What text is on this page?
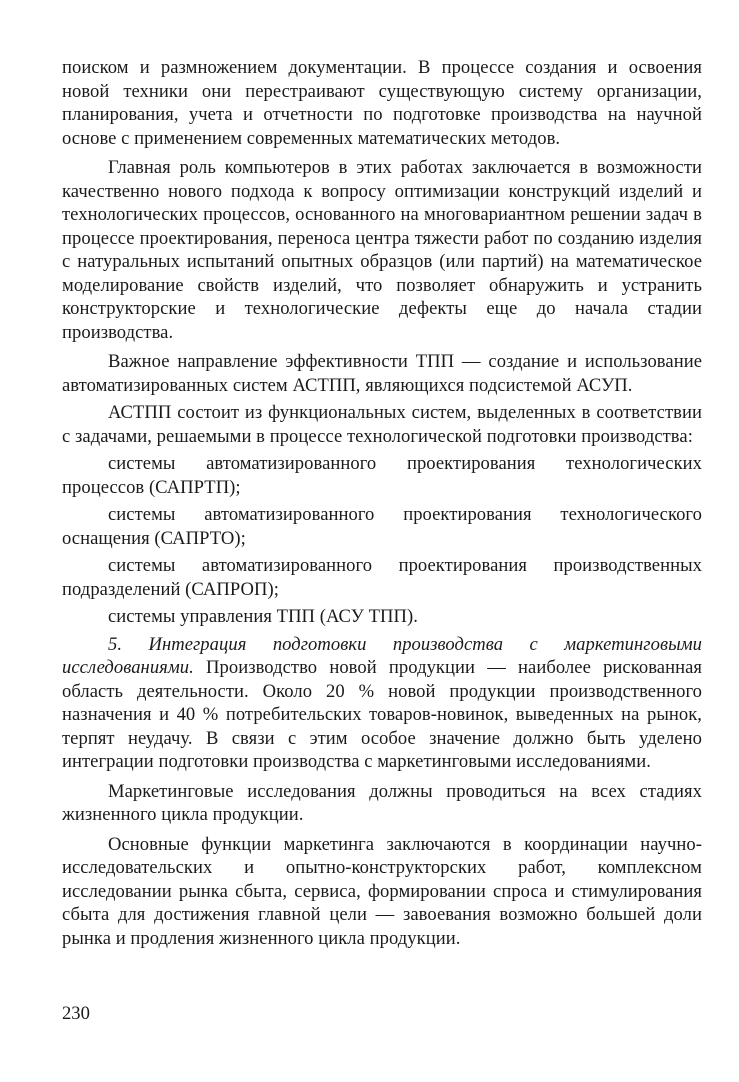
поиском и размножением документации. В процессе создания и освоения новой техники они перестраивают существующую систему организации, планирования, учета и отчетности по подготовке производства на научной основе с применением современных математических методов.

Главная роль компьютеров в этих работах заключается в возможности качественно нового подхода к вопросу оптимизации конструкций изделий и технологических процессов, основанного на многовариантном решении задач в процессе проектирования, переноса центра тяжести работ по созданию изделия с натуральных испытаний опытных образцов (или партий) на математическое моделирование свойств изделий, что позволяет обнаружить и устранить конструкторские и технологические дефекты еще до начала стадии производства.

Важное направление эффективности ТПП — создание и использование автоматизированных систем АСТПП, являющихся подсистемой АСУП.

АСТПП состоит из функциональных систем, выделенных в соответствии с задачами, решаемыми в процессе технологической подготовки производства:

системы автоматизированного проектирования технологических процессов (САПРТП);

системы автоматизированного проектирования технологического оснащения (САПРТО);

системы автоматизированного проектирования производственных подразделений (САПРОП);

системы управления ТПП (АСУ ТПП).

5. Интеграция подготовки производства с маркетинговыми исследованиями. Производство новой продукции — наиболее рискованная область деятельности. Около 20 % новой продукции производственного назначения и 40 % потребительских товаров-новинок, выведенных на рынок, терпят неудачу. В связи с этим особое значение должно быть уделено интеграции подготовки производства с маркетинговыми исследованиями.

Маркетинговые исследования должны проводиться на всех стадиях жизненного цикла продукции.

Основные функции маркетинга заключаются в координации научно-исследовательских и опытно-конструкторских работ, комплексном исследовании рынка сбыта, сервиса, формировании спроса и стимулирования сбыта для достижения главной цели — завоевания возможно большей доли рынка и продления жизненного цикла продукции.

230
